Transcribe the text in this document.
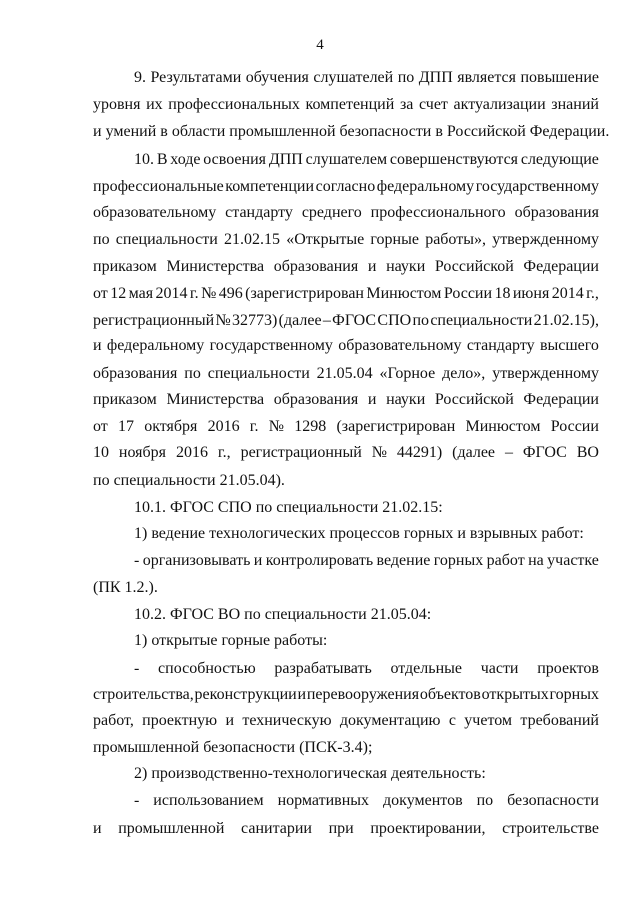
4
9. Результатами обучения слушателей по ДПП является повышение
уровня их профессиональных компетенций за счет актуализации знаний
и умений в области промышленной безопасности в Российской Федерации.
10. В ходе освоения ДПП слушателем совершенствуются следующие
профессиональные компетенции согласно федеральному государственному
образовательному стандарту среднего профессионального образования
по специальности 21.02.15 «Открытые горные работы», утвержденному
приказом Министерства образования и науки Российской Федерации
от 12 мая 2014 г. № 496 (зарегистрирован Минюстом России 18 июня 2014 г.,
регистрационный № 32773) (далее – ФГОС СПО по специальности 21.02.15),
и федеральному государственному образовательному стандарту высшего
образования по специальности 21.05.04 «Горное дело», утвержденному
приказом Министерства образования и науки Российской Федерации
от 17 октября 2016 г. № 1298 (зарегистрирован Минюстом России
10 ноября 2016 г., регистрационный № 44291) (далее – ФГОС ВО
по специальности 21.05.04).
10.1. ФГОС СПО по специальности 21.02.15:
1) ведение технологических процессов горных и взрывных работ:
- организовывать и контролировать ведение горных работ на участке
(ПК 1.2.).
10.2. ФГОС ВО по специальности 21.05.04:
1) открытые горные работы:
- способностью разрабатывать отдельные части проектов
строительства, реконструкции и перевооружения объектов открытых горных
работ, проектную и техническую документацию с учетом требований
промышленной безопасности (ПСК-3.4);
2) производственно-технологическая деятельность:
- использованием нормативных документов по безопасности
и промышленной санитарии при проектировании, строительстве
